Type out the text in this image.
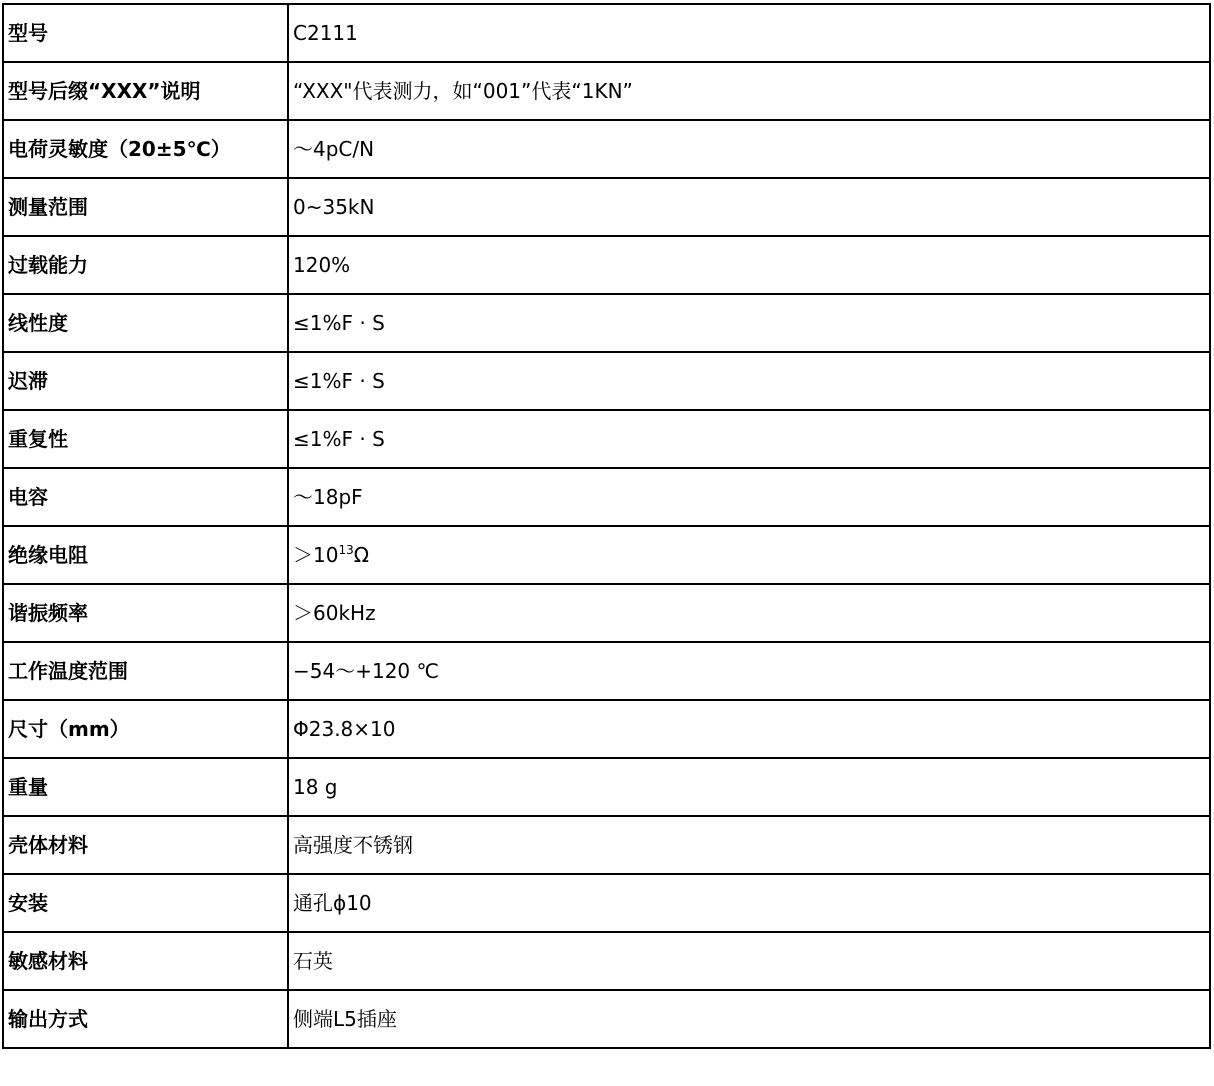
型号	C2111
型号后缀“XXX”说明	“XXX"代表测力，如“001”代表“1KN”
电荷灵敏度（20±5℃）	～4pC/N
测量范围	0~35kN
过载能力	120%
线性度	≤1%F · S
迟滞	≤1%F · S
重复性	≤1%F · S
电容	～18pF
绝缘电阻	$>10^{13}\Omega$
谐振频率	＞60kHz
工作温度范围	−54～+120 ℃
尺寸（mm）	Φ23.8×10
重量	18 g
壳体材料	高强度不锈钢
安装	通孔ϕ10
敏感材料	石英
输出方式	侧端L5插座
